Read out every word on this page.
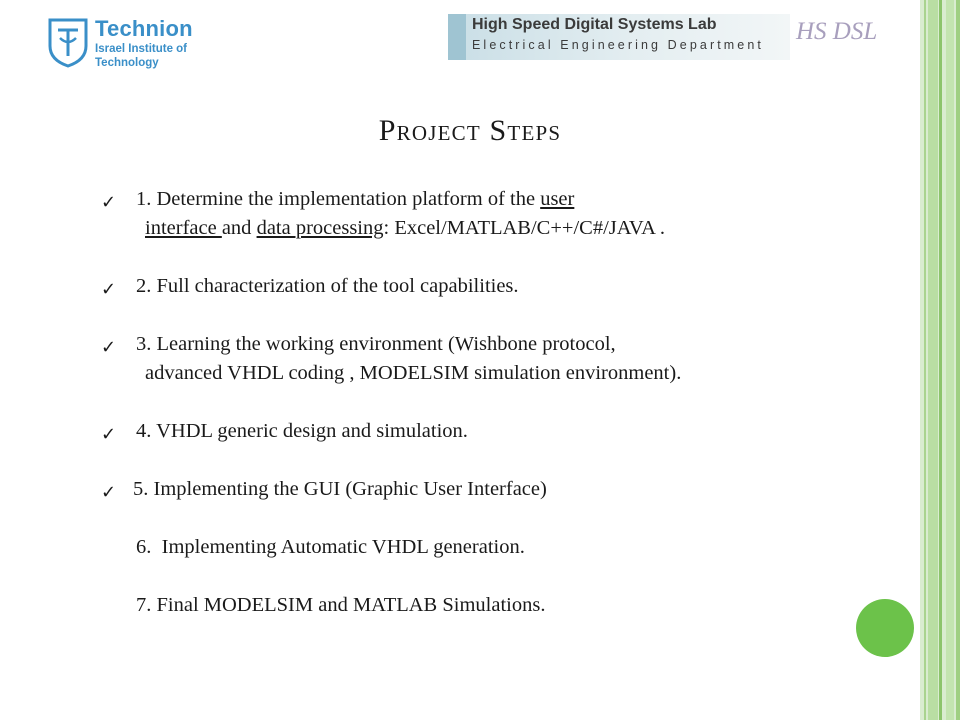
Technion
Israel Institute of
Technology
High Speed Digital Systems Lab
Electrical Engineering Department HS DSL
Project Steps
✓ 1. Determine the implementation platform of the user
interface and data processing: Excel/MATLAB/C++/C#/JAVA .
✓ 2. Full characterization of the tool capabilities.
✓ 3. Learning the working environment (Wishbone protocol,
advanced VHDL coding , MODELSIM simulation environment).
✓ 4. VHDL generic design and simulation.
✓ 5. Implementing the GUI (Graphic User Interface)
6.  Implementing Automatic VHDL generation.
7. Final MODELSIM and MATLAB Simulations.
